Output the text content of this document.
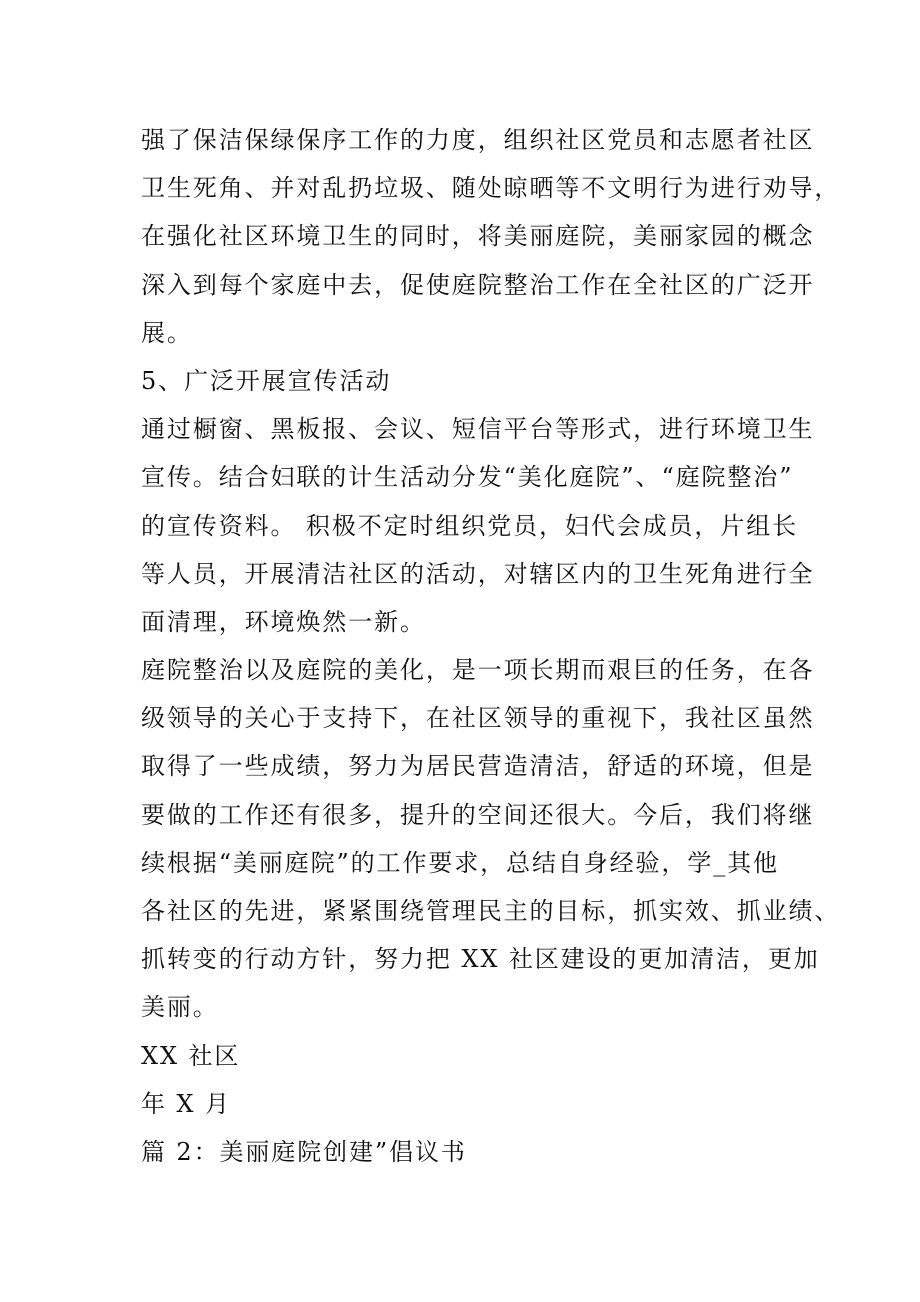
强了保洁保绿保序工作的力度，组织社区党员和志愿者社区
卫生死角、并对乱扔垃圾、随处晾晒等不文明行为进行劝导，
在强化社区环境卫生的同时，将美丽庭院，美丽家园的概念
深入到每个家庭中去，促使庭院整治工作在全社区的广泛开
展。
5、广泛开展宣传活动
通过橱窗、黑板报、会议、短信平台等形式，进行环境卫生
宣传。结合妇联的计生活动分发“美化庭院”、“庭院整治”
的宣传资料。 积极不定时组织党员，妇代会成员，片组长
等人员，开展清洁社区的活动，对辖区内的卫生死角进行全
面清理，环境焕然一新。
庭院整治以及庭院的美化，是一项长期而艰巨的任务，在各
级领导的关心于支持下，在社区领导的重视下，我社区虽然
取得了一些成绩，努力为居民营造清洁，舒适的环境，但是
要做的工作还有很多，提升的空间还很大。今后，我们将继
续根据“美丽庭院”的工作要求，总结自身经验，学_其他
各社区的先进，紧紧围绕管理民主的目标，抓实效、抓业绩、
抓转变的行动方针，努力把 XX 社区建设的更加清洁，更加
美丽。
XX 社区
年 X 月
篇 2：美丽庭院创建”倡议书
